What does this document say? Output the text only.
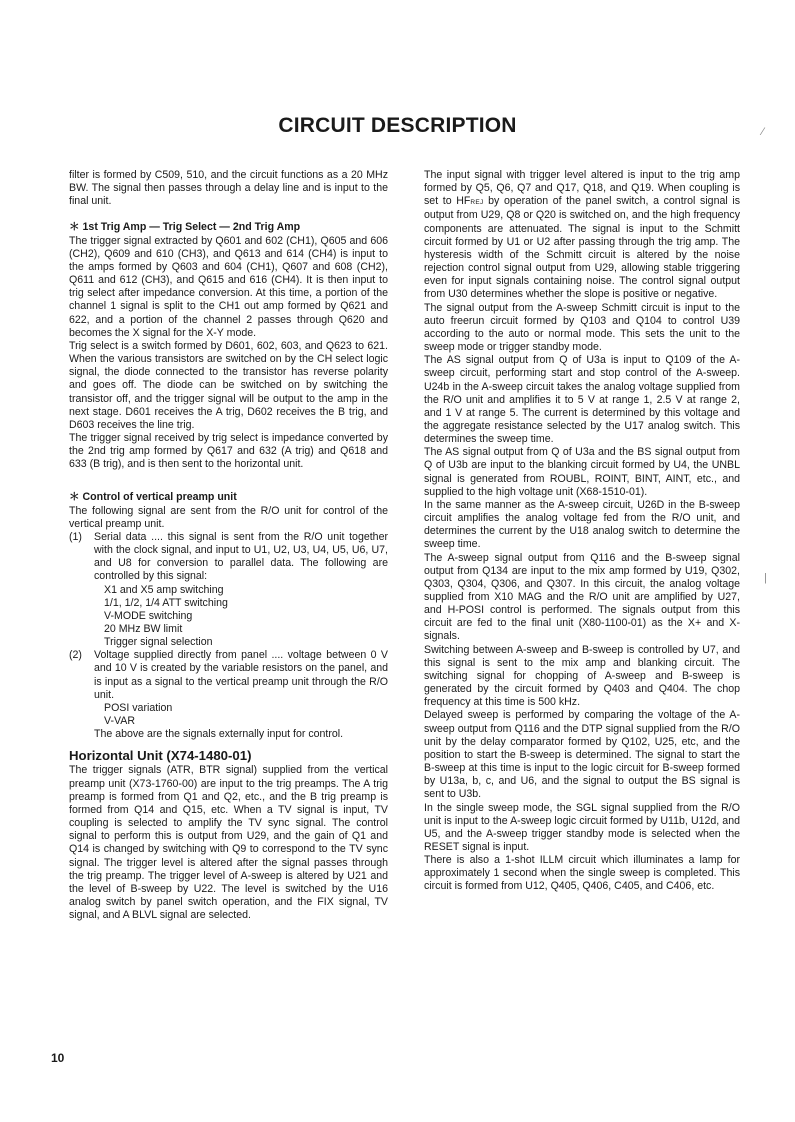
CIRCUIT DESCRIPTION

filter is formed by C509, 510, and the circuit functions as a 20 MHz BW. The signal then passes through a delay line and is input to the final unit.

＊ 1st Trig Amp — Trig Select — 2nd Trig Amp

The trigger signal extracted by Q601 and 602 (CH1), Q605 and 606 (CH2), Q609 and 610 (CH3), and Q613 and 614 (CH4) is input to the amps formed by Q603 and 604 (CH1), Q607 and 608 (CH2), Q611 and 612 (CH3), and Q615 and 616 (CH4). It is then input to trig select after impedance conversion. At this time, a portion of the channel 1 signal is split to the CH1 out amp formed by Q621 and 622, and a portion of the channel 2 passes through Q620 and becomes the X signal for the X-Y mode.

Trig select is a switch formed by D601, 602, 603, and Q623 to 621. When the various transistors are switched on by the CH select logic signal, the diode connected to the transistor has reverse polarity and goes off. The diode can be switched on by switching the transistor off, and the trigger signal will be output to the amp in the next stage. D601 receives the A trig, D602 receives the B trig, and D603 receives the line trig.

The trigger signal received by trig select is impedance converted by the 2nd trig amp formed by Q617 and 632 (A trig) and Q618 and 633 (B trig), and is then sent to the horizontal unit.

＊ Control of vertical preamp unit

The following signal are sent from the R/O unit for control of the vertical preamp unit.

(1) Serial data .... this signal is sent from the R/O unit together with the clock signal, and input to U1, U2, U3, U4, U5, U6, U7, and U8 for conversion to parallel data. The following are controlled by this signal:
X1 and X5 amp switching
1/1, 1/2, 1/4 ATT switching
V-MODE switching
20 MHz BW limit
Trigger signal selection
(2) Voltage supplied directly from panel .... voltage between 0 V and 10 V is created by the variable resistors on the panel, and is input as a signal to the vertical preamp unit through the R/O unit.
POSI variation
V-VAR
The above are the signals externally input for control.

Horizontal Unit (X74-1480-01)

The trigger signals (ATR, BTR signal) supplied from the vertical preamp unit (X73-1760-00) are input to the trig preamps. The A trig preamp is formed from Q1 and Q2, etc., and the B trig preamp is formed from Q14 and Q15, etc. When a TV signal is input, TV coupling is selected to amplify the TV sync signal. The control signal to perform this is output from U29, and the gain of Q1 and Q14 is changed by switching with Q9 to correspond to the TV sync signal. The trigger level is altered after the signal passes through the trig preamp. The trigger level of A-sweep is altered by U21 and the level of B-sweep by U22. The level is switched by the U16 analog switch by panel switch operation, and the FIX signal, TV signal, and A BLVL signal are selected.

The input signal with trigger level altered is input to the trig amp formed by Q5, Q6, Q7 and Q17, Q18, and Q19. When coupling is set to HFREJ by operation of the panel switch, a control signal is output from U29, Q8 or Q20 is switched on, and the high frequency components are attenuated. The signal is input to the Schmitt circuit formed by U1 or U2 after passing through the trig amp. The hysteresis width of the Schmitt circuit is altered by the noise rejection control signal output from U29, allowing stable triggering even for input signals containing noise. The control signal output from U30 determines whether the slope is positive or negative.

The signal output from the A-sweep Schmitt circuit is input to the auto freerun circuit formed by Q103 and Q104 to control U39 according to the auto or normal mode. This sets the unit to the sweep mode or trigger standby mode.

The AS signal output from Q of U3a is input to Q109 of the A-sweep circuit, performing start and stop control of the A-sweep. U24b in the A-sweep circuit takes the analog voltage supplied from the R/O unit and amplifies it to 5 V at range 1, 2.5 V at range 2, and 1 V at range 5. The current is determined by this voltage and the aggregate resistance selected by the U17 analog switch. This determines the sweep time.

The AS signal output from Q of U3a and the BS signal output from Q of U3b are input to the blanking circuit formed by U4, the UNBL signal is generated from ROUBL, ROINT, BINT, AINT, etc., and supplied to the high voltage unit (X68-1510-01).

In the same manner as the A-sweep circuit, U26D in the B-sweep circuit amplifies the analog voltage fed from the R/O unit, and determines the current by the U18 analog switch to determine the sweep time.

The A-sweep signal output from Q116 and the B-sweep signal output from Q134 are input to the mix amp formed by U19, Q302, Q303, Q304, Q306, and Q307. In this circuit, the analog voltage supplied from X10 MAG and the R/O unit are amplified by U27, and H-POSI control is performed. The signals output from this circuit are fed to the final unit (X80-1100-01) as the X+ and X- signals.

Switching between A-sweep and B-sweep is controlled by U7, and this signal is sent to the mix amp and blanking circuit. The switching signal for chopping of A-sweep and B-sweep is generated by the circuit formed by Q403 and Q404. The chop frequency at this time is 500 kHz.

Delayed sweep is performed by comparing the voltage of the A-sweep output from Q116 and the DTP signal supplied from the R/O unit by the delay comparator formed by Q102, U25, etc, and the position to start the B-sweep is determined. The signal to start the B-sweep at this time is input to the logic circuit for B-sweep formed by U13a, b, c, and U6, and the signal to output the BS signal is sent to U3b.

In the single sweep mode, the SGL signal supplied from the R/O unit is input to the A-sweep logic circuit formed by U11b, U12d, and U5, and the A-sweep trigger standby mode is selected when the RESET signal is input.

There is also a 1-shot ILLM circuit which illuminates a lamp for approximately 1 second when the single sweep is completed. This circuit is formed from U12, Q405, Q406, C405, and C406, etc.

10
⁄
|
